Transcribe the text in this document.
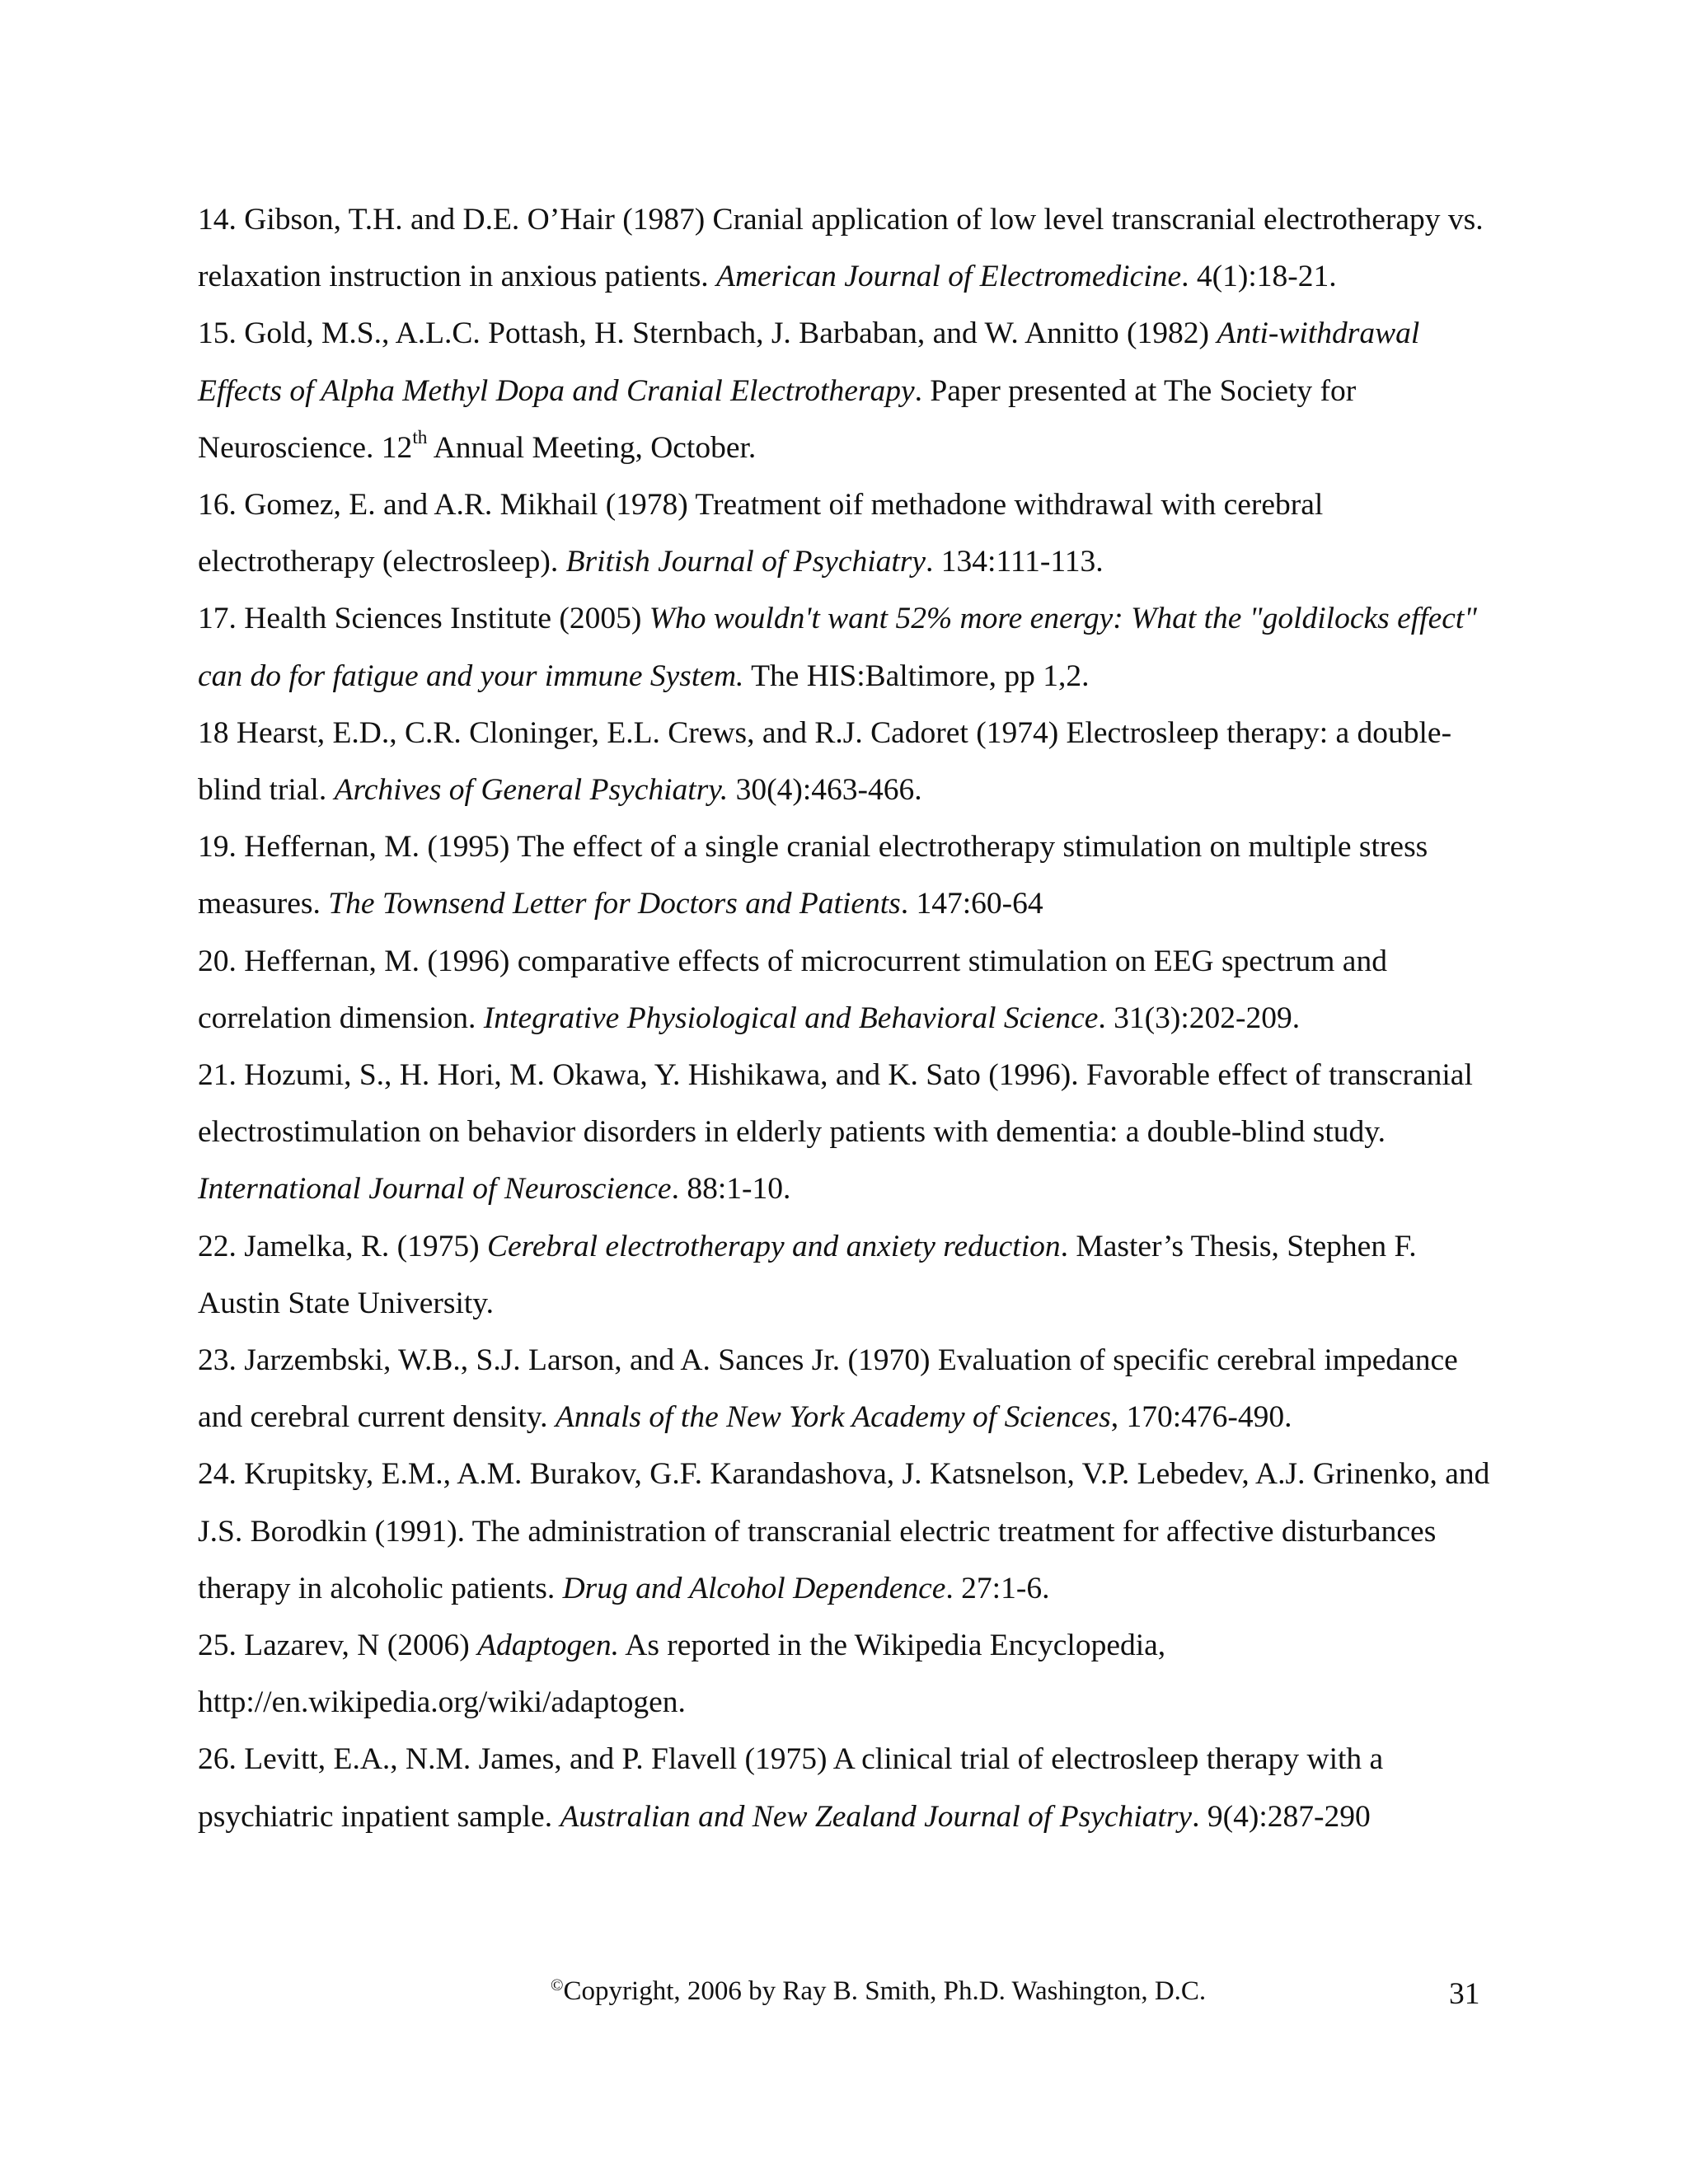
14. Gibson, T.H. and D.E. O’Hair (1987) Cranial application of low level transcranial electrotherapy vs. relaxation instruction in anxious patients. American Journal of Electromedicine. 4(1):18-21.

15. Gold, M.S., A.L.C. Pottash, H. Sternbach, J. Barbaban, and W. Annitto (1982) Anti-withdrawal Effects of Alpha Methyl Dopa and Cranial Electrotherapy. Paper presented at The Society for Neuroscience. 12th Annual Meeting, October.

16. Gomez, E. and A.R. Mikhail (1978) Treatment oif methadone withdrawal with cerebral electrotherapy (electrosleep). British Journal of Psychiatry. 134:111-113.

17. Health Sciences Institute (2005) Who wouldn't want 52% more energy: What the "goldilocks effect" can do for fatigue and your immune System. The HIS:Baltimore, pp 1,2.

18 Hearst, E.D., C.R. Cloninger, E.L. Crews, and R.J. Cadoret (1974) Electrosleep therapy: a double-blind trial. Archives of General Psychiatry. 30(4):463-466.

19. Heffernan, M. (1995) The effect of a single cranial electrotherapy stimulation on multiple stress measures. The Townsend Letter for Doctors and Patients. 147:60-64

20. Heffernan, M. (1996) comparative effects of microcurrent stimulation on EEG spectrum and correlation dimension. Integrative Physiological and Behavioral Science. 31(3):202-209.

21. Hozumi, S., H. Hori, M. Okawa, Y. Hishikawa, and K. Sato (1996). Favorable effect of transcranial electrostimulation on behavior disorders in elderly patients with dementia: a double-blind study. International Journal of Neuroscience. 88:1-10.

22. Jamelka, R. (1975) Cerebral electrotherapy and anxiety reduction. Master’s Thesis, Stephen F. Austin State University.

23. Jarzembski, W.B., S.J. Larson, and A. Sances Jr. (1970) Evaluation of specific cerebral impedance and cerebral current density. Annals of the New York Academy of Sciences, 170:476-490.

24. Krupitsky, E.M., A.M. Burakov, G.F. Karandashova, J. Katsnelson, V.P. Lebedev, A.J. Grinenko, and J.S. Borodkin (1991). The administration of transcranial electric treatment for affective disturbances therapy in alcoholic patients. Drug and Alcohol Dependence. 27:1-6.

25. Lazarev, N (2006) Adaptogen. As reported in the Wikipedia Encyclopedia, http://en.wikipedia.org/wiki/adaptogen.

26. Levitt, E.A., N.M. James, and P. Flavell (1975) A clinical trial of electrosleep therapy with a psychiatric inpatient sample. Australian and New Zealand Journal of Psychiatry. 9(4):287-290

©Copyright, 2006 by Ray B. Smith, Ph.D. Washington, D.C.	31
